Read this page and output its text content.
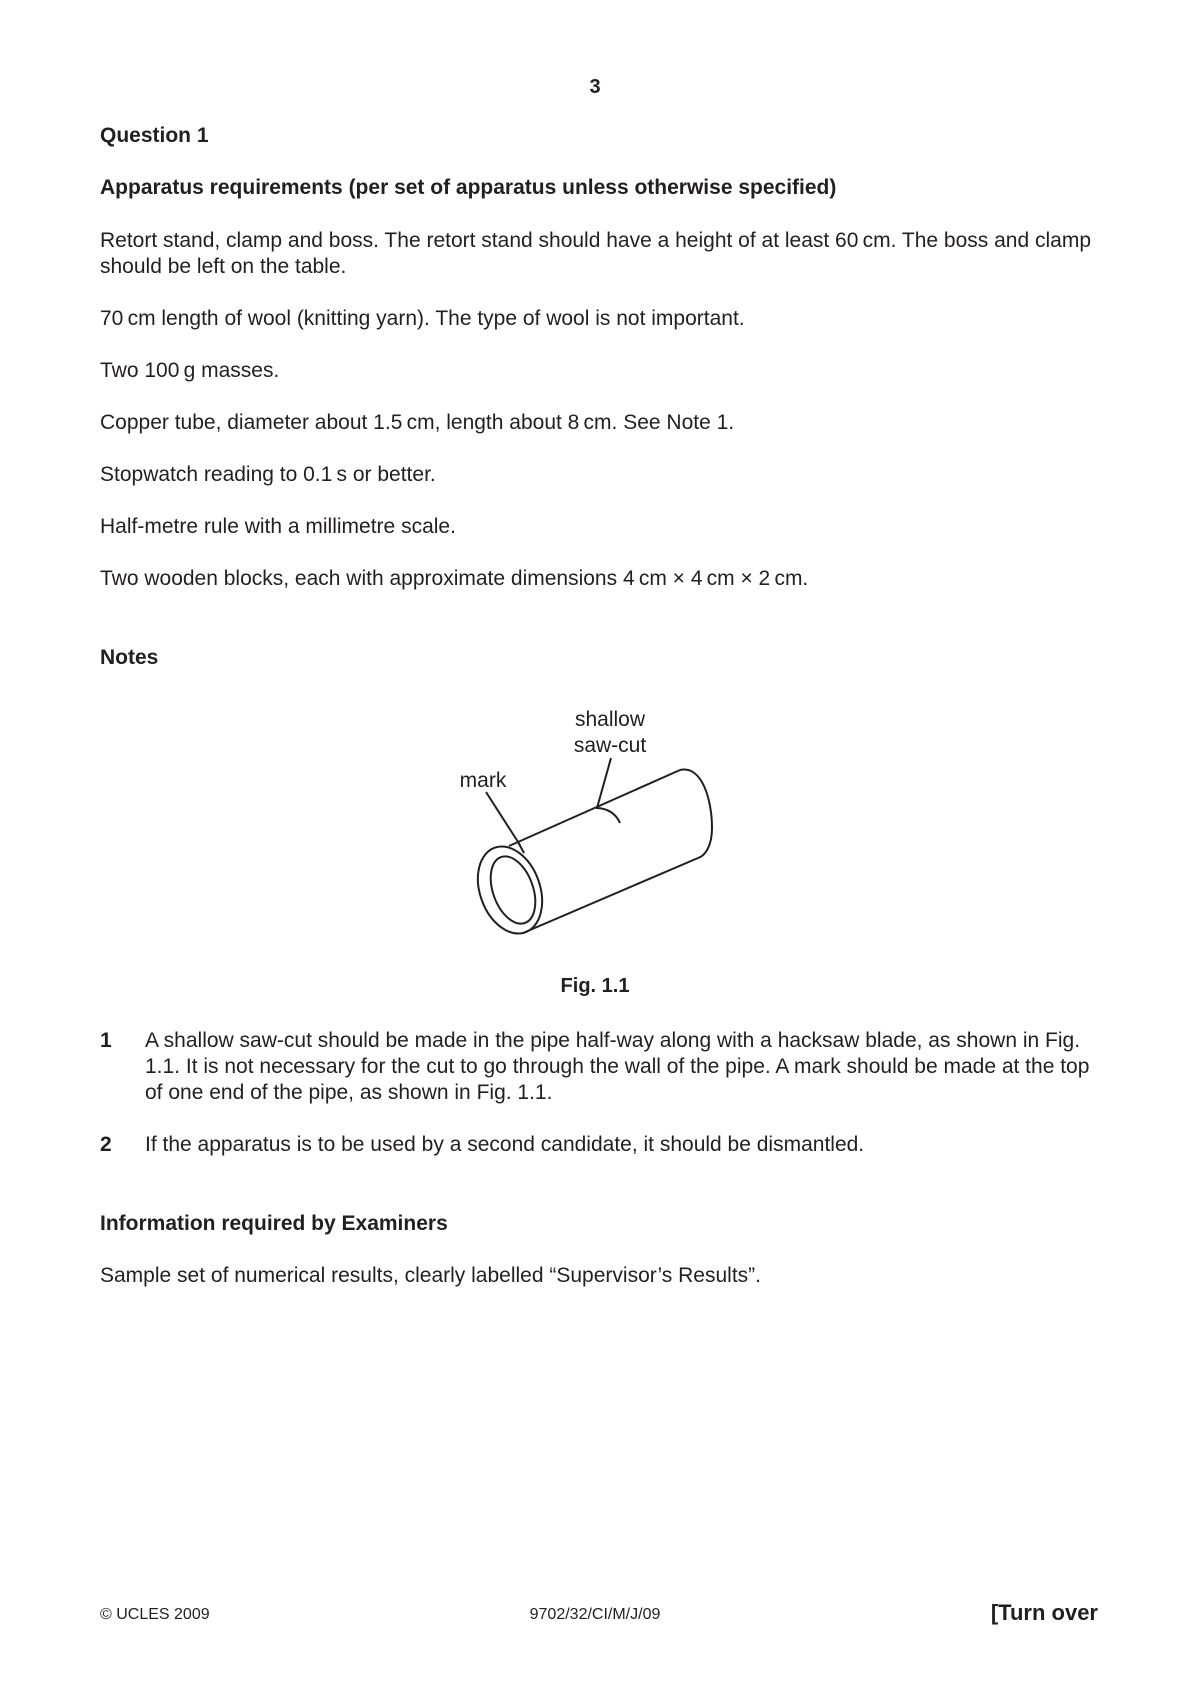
3
Question 1
Apparatus requirements (per set of apparatus unless otherwise specified)
Retort stand, clamp and boss. The retort stand should have a height of at least 60 cm. The boss and clamp should be left on the table.
70 cm length of wool (knitting yarn). The type of wool is not important.
Two 100 g masses.
Copper tube, diameter about 1.5 cm, length about 8 cm. See Note 1.
Stopwatch reading to 0.1 s or better.
Half-metre rule with a millimetre scale.
Two wooden blocks, each with approximate dimensions 4 cm × 4 cm × 2 cm.
Notes
shallow
saw-cut
mark
Fig. 1.1
1 A shallow saw-cut should be made in the pipe half-way along with a hacksaw blade, as shown in Fig. 1.1. It is not necessary for the cut to go through the wall of the pipe. A mark should be made at the top of one end of the pipe, as shown in Fig. 1.1.
2 If the apparatus is to be used by a second candidate, it should be dismantled.
Information required by Examiners
Sample set of numerical results, clearly labelled “Supervisor’s Results”.
© UCLES 2009	9702/32/CI/M/J/09	[Turn over
